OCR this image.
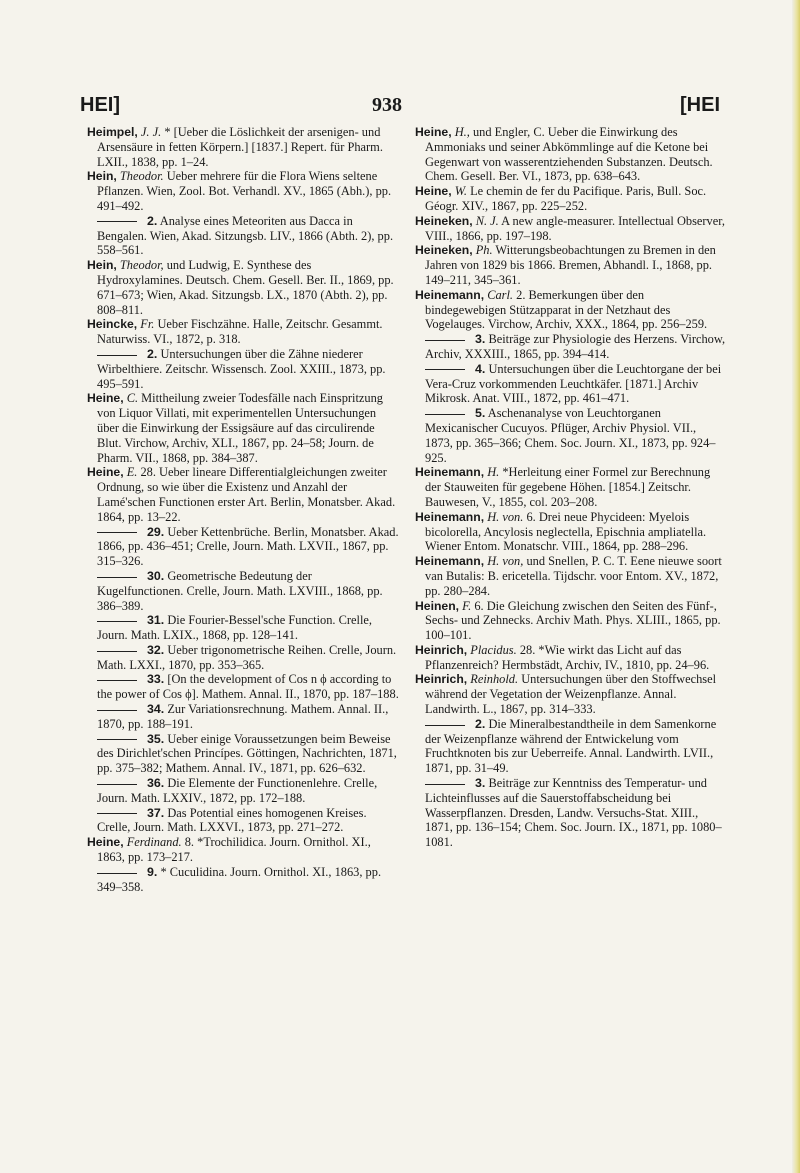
HEI]	938	[HEI
Heimpel, J. J. * [Ueber die Löslichkeit der arsenigen- und Arsensäure in fetten Körpern.] [1837.] Repert. für Pharm. LXII., 1838, pp. 1–24.
Hein, Theodor. Ueber mehrere für die Flora Wiens seltene Pflanzen. Wien, Zool. Bot. Verhandl. XV., 1865 (Abh.), pp. 491–492.
2. Analyse eines Meteoriten aus Dacca in Bengalen. Wien, Akad. Sitzungsb. LIV., 1866 (Abth. 2), pp. 558–561.
Hein, Theodor, und Ludwig, E. Synthese des Hydroxylamines. Deutsch. Chem. Gesell. Ber. II., 1869, pp. 671–673; Wien, Akad. Sitzungsb. LX., 1870 (Abth. 2), pp. 808–811.
Heincke, Fr. Ueber Fischzähne. Halle, Zeitschr. Gesammt. Naturwiss. VI., 1872, p. 318.
2. Untersuchungen über die Zähne niederer Wirbelthiere. Zeitschr. Wissensch. Zool. XXIII., 1873, pp. 495–591.
Heine, C. Mittheilung zweier Todesfälle nach Einspritzung von Liquor Villati, mit experimentellen Untersuchungen über die Einwirkung der Essigsäure auf das circulirende Blut. Virchow, Archiv, XLI., 1867, pp. 24–58; Journ. de Pharm. VII., 1868, pp. 384–387.
Heine, E. 28. Ueber lineare Differentialgleichungen zweiter Ordnung, so wie über die Existenz und Anzahl der Lamé'schen Functionen erster Art. Berlin, Monatsber. Akad. 1864, pp. 13–22.
29. Ueber Kettenbrüche. Berlin, Monatsber. Akad. 1866, pp. 436–451; Crelle, Journ. Math. LXVII., 1867, pp. 315–326.
30. Geometrische Bedeutung der Kugelfunctionen. Crelle, Journ. Math. LXVIII., 1868, pp. 386–389.
31. Die Fourier-Bessel'sche Function. Crelle, Journ. Math. LXIX., 1868, pp. 128–141.
32. Ueber trigonometrische Reihen. Crelle, Journ. Math. LXXI., 1870, pp. 353–365.
33. [On the development of Cos n ϕ according to the power of Cos ϕ]. Mathem. Annal. II., 1870, pp. 187–188.
34. Zur Variationsrechnung. Mathem. Annal. II., 1870, pp. 188–191.
35. Ueber einige Voraussetzungen beim Beweise des Dirichlet'schen Princípes. Göttingen, Nachrichten, 1871, pp. 375–382; Mathem. Annal. IV., 1871, pp. 626–632.
36. Die Elemente der Functionenlehre. Crelle, Journ. Math. LXXIV., 1872, pp. 172–188.
37. Das Potential eines homogenen Kreises. Crelle, Journ. Math. LXXVI., 1873, pp. 271–272.
Heine, Ferdinand. 8. *Trochilidica. Journ. Ornithol. XI., 1863, pp. 173–217.
9. * Cuculidina. Journ. Ornithol. XI., 1863, pp. 349–358.
Heine, H., und Engler, C. Ueber die Einwirkung des Ammoniaks und seiner Abkömmlinge auf die Ketone bei Gegenwart von wasserentziehenden Substanzen. Deutsch. Chem. Gesell. Ber. VI., 1873, pp. 638–643.
Heine, W. Le chemin de fer du Pacifique. Paris, Bull. Soc. Géogr. XIV., 1867, pp. 225–252.
Heineken, N. J. A new angle-measurer. Intellectual Observer, VIII., 1866, pp. 197–198.
Heineken, Ph. Witterungsbeobachtungen zu Bremen in den Jahren von 1829 bis 1866. Bremen, Abhandl. I., 1868, pp. 149–211, 345–361.
Heinemann, Carl. 2. Bemerkungen über den bindegewebigen Stützapparat in der Netzhaut des Vogelauges. Virchow, Archiv, XXX., 1864, pp. 256–259.
3. Beiträge zur Physiologie des Herzens. Virchow, Archiv, XXXIII., 1865, pp. 394–414.
4. Untersuchungen über die Leuchtorgane der bei Vera-Cruz vorkommenden Leuchtkäfer. [1871.] Archiv Mikrosk. Anat. VIII., 1872, pp. 461–471.
5. Aschenanalyse von Leuchtorganen Mexicanischer Cucuyos. Pflüger, Archiv Physiol. VII., 1873, pp. 365–366; Chem. Soc. Journ. XI., 1873, pp. 924–925.
Heinemann, H. *Herleitung einer Formel zur Berechnung der Stauweiten für gegebene Höhen. [1854.] Zeitschr. Bauwesen, V., 1855, col. 203–208.
Heinemann, H. von. 6. Drei neue Phycideen: Myelois bicolorella, Ancylosis neglectella, Epischnia ampliatella. Wiener Entom. Monatschr. VIII., 1864, pp. 288–296.
Heinemann, H. von, und Snellen, P. C. T. Eene nieuwe soort van Butalis: B. ericetella. Tijdschr. voor Entom. XV., 1872, pp. 280–284.
Heinen, F. 6. Die Gleichung zwischen den Seiten des Fünf-, Sechs- und Zehnecks. Archiv Math. Phys. XLIII., 1865, pp. 100–101.
Heinrich, Placidus. 28. *Wie wirkt das Licht auf das Pflanzenreich? Hermbstädt, Archiv, IV., 1810, pp. 24–96.
Heinrich, Reinhold. Untersuchungen über den Stoffwechsel während der Vegetation der Weizenpflanze. Annal. Landwirth. L., 1867, pp. 314–333.
2. Die Mineralbestandtheile in dem Samenkorne der Weizenpflanze während der Entwickelung vom Fruchtknoten bis zur Ueberreife. Annal. Landwirth. LVII., 1871, pp. 31–49.
3. Beiträge zur Kenntniss des Temperatur- und Lichteinflusses auf die Sauerstoffabscheidung bei Wasserpflanzen. Dresden, Landw. Versuchs-Stat. XIII., 1871, pp. 136–154; Chem. Soc. Journ. IX., 1871, pp. 1080–1081.
